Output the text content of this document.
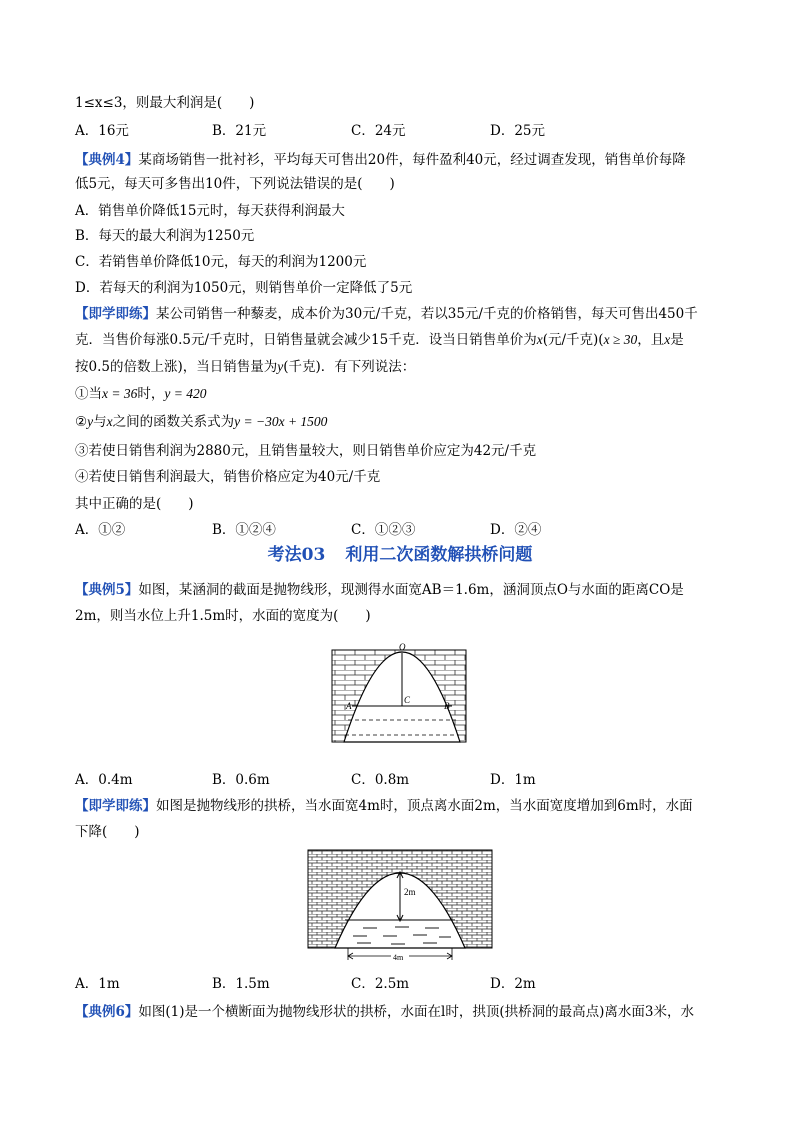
1≤x≤3，则最大利润是(　　)
A．16元	B．21元	C．24元	D．25元
【典例4】某商场销售一批衬衫，平均每天可售出20件，每件盈利40元，经过调查发现，销售单价每降
低5元，每天可多售出10件，下列说法错误的是(　　)
A．销售单价降低15元时，每天获得利润最大
B．每天的最大利润为1250元
C．若销售单价降低10元，每天的利润为1200元
D．若每天的利润为1050元，则销售单价一定降低了5元
【即学即练】某公司销售一种藜麦，成本价为30元/千克，若以35元/千克的价格销售，每天可售出450千
克．当售价每涨0.5元/千克时，日销售量就会减少15千克．设当日销售单价为x(元/千克)(x ≥ 30，且x是
按0.5的倍数上涨)，当日销售量为y(千克)．有下列说法：
①当x = 36时，y = 420
②y与x之间的函数关系式为y = −30x + 1500
③若使日销售利润为2880元，且销售量较大，则日销售单价应定为42元/千克
④若使日销售利润最大，销售价格应定为40元/千克
其中正确的是(　　)
A．①②	B．①②④	C．①②③	D．②④
考法03 利用二次函数解拱桥问题
【典例5】如图，某涵洞的截面是抛物线形，现测得水面宽AB＝1.6m，涵洞顶点O与水面的距离CO是
2m，则当水位上升1.5m时，水面的宽度为(　　)
O
A	B
C
A．0.4m	B．0.6m	C．0.8m	D．1m
【即学即练】如图是抛物线形的拱桥，当水面宽4m时，顶点离水面2m，当水面宽度增加到6m时，水面
下降(　　)
2m
4m
A．1m	B．1.5m	C．2.5m	D．2m
【典例6】如图(1)是一个横断面为抛物线形状的拱桥，水面在l时，拱顶(拱桥洞的最高点)离水面3米，水
